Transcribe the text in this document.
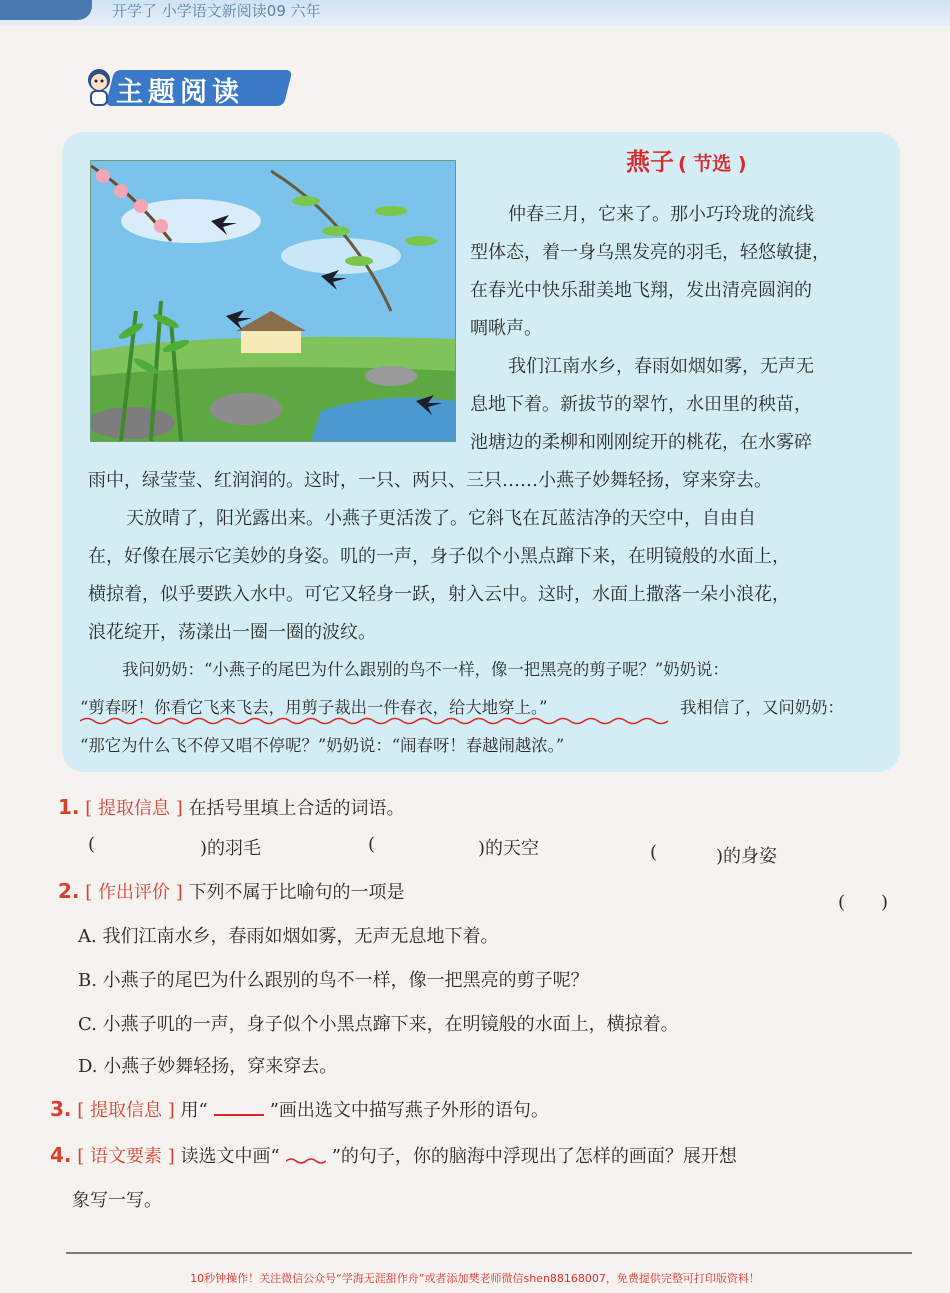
开学了 小学语文新阅读09 六年
主题阅读
燕子 ( 节选 )
仲春三月，它来了。那小巧玲珑的流线
型体态，着一身乌黑发亮的羽毛，轻悠敏捷，
在春光中快乐甜美地飞翔，发出清亮圆润的
啁啾声。
我们江南水乡，春雨如烟如雾，无声无
息地下着。新拔节的翠竹，水田里的秧苗，
池塘边的柔柳和刚刚绽开的桃花，在水雾碎
雨中，绿莹莹、红润润的。这时，一只、两只、三只……小燕子妙舞轻扬，穿来穿去。
天放晴了，阳光露出来。小燕子更活泼了。它斜飞在瓦蓝洁净的天空中，自由自
在，好像在展示它美妙的身姿。叽的一声，身子似个小黑点蹿下来，在明镜般的水面上，
横掠着，似乎要跌入水中。可它又轻身一跃，射入云中。这时，水面上撒落一朵小浪花，
浪花绽开，荡漾出一圈一圈的波纹。
我问奶奶：“小燕子的尾巴为什么跟别的鸟不一样，像一把黑亮的剪子呢？”奶奶说：
“剪春呀！你看它飞来飞去，用剪子裁出一件春衣，给大地穿上。”	我相信了，又问奶奶：
“那它为什么飞不停又唱不停呢？”奶奶说：“闹春呀！春越闹越浓。”
1. [ 提取信息 ] 在括号里填上合适的词语。
(	)的羽毛	(	)的天空	(	)的身姿
2. [ 作出评价 ] 下列不属于比喻句的一项是	(　　)
A. 我们江南水乡，春雨如烟如雾，无声无息地下着。
B. 小燕子的尾巴为什么跟别的鸟不一样，像一把黑亮的剪子呢？
C. 小燕子叽的一声，身子似个小黑点蹿下来，在明镜般的水面上，横掠着。
D. 小燕子妙舞轻扬，穿来穿去。
3. [ 提取信息 ] 用“	”画出选文中描写燕子外形的语句。
4. [ 语文要素 ] 读选文中画“	”的句子，你的脑海中浮现出了怎样的画面？展开想
象写一写。
10秒钟操作！关注微信公众号“学海无涯甜作舟”或者添加樊老师微信shen88168007，免费提供完整可打印版资料！
